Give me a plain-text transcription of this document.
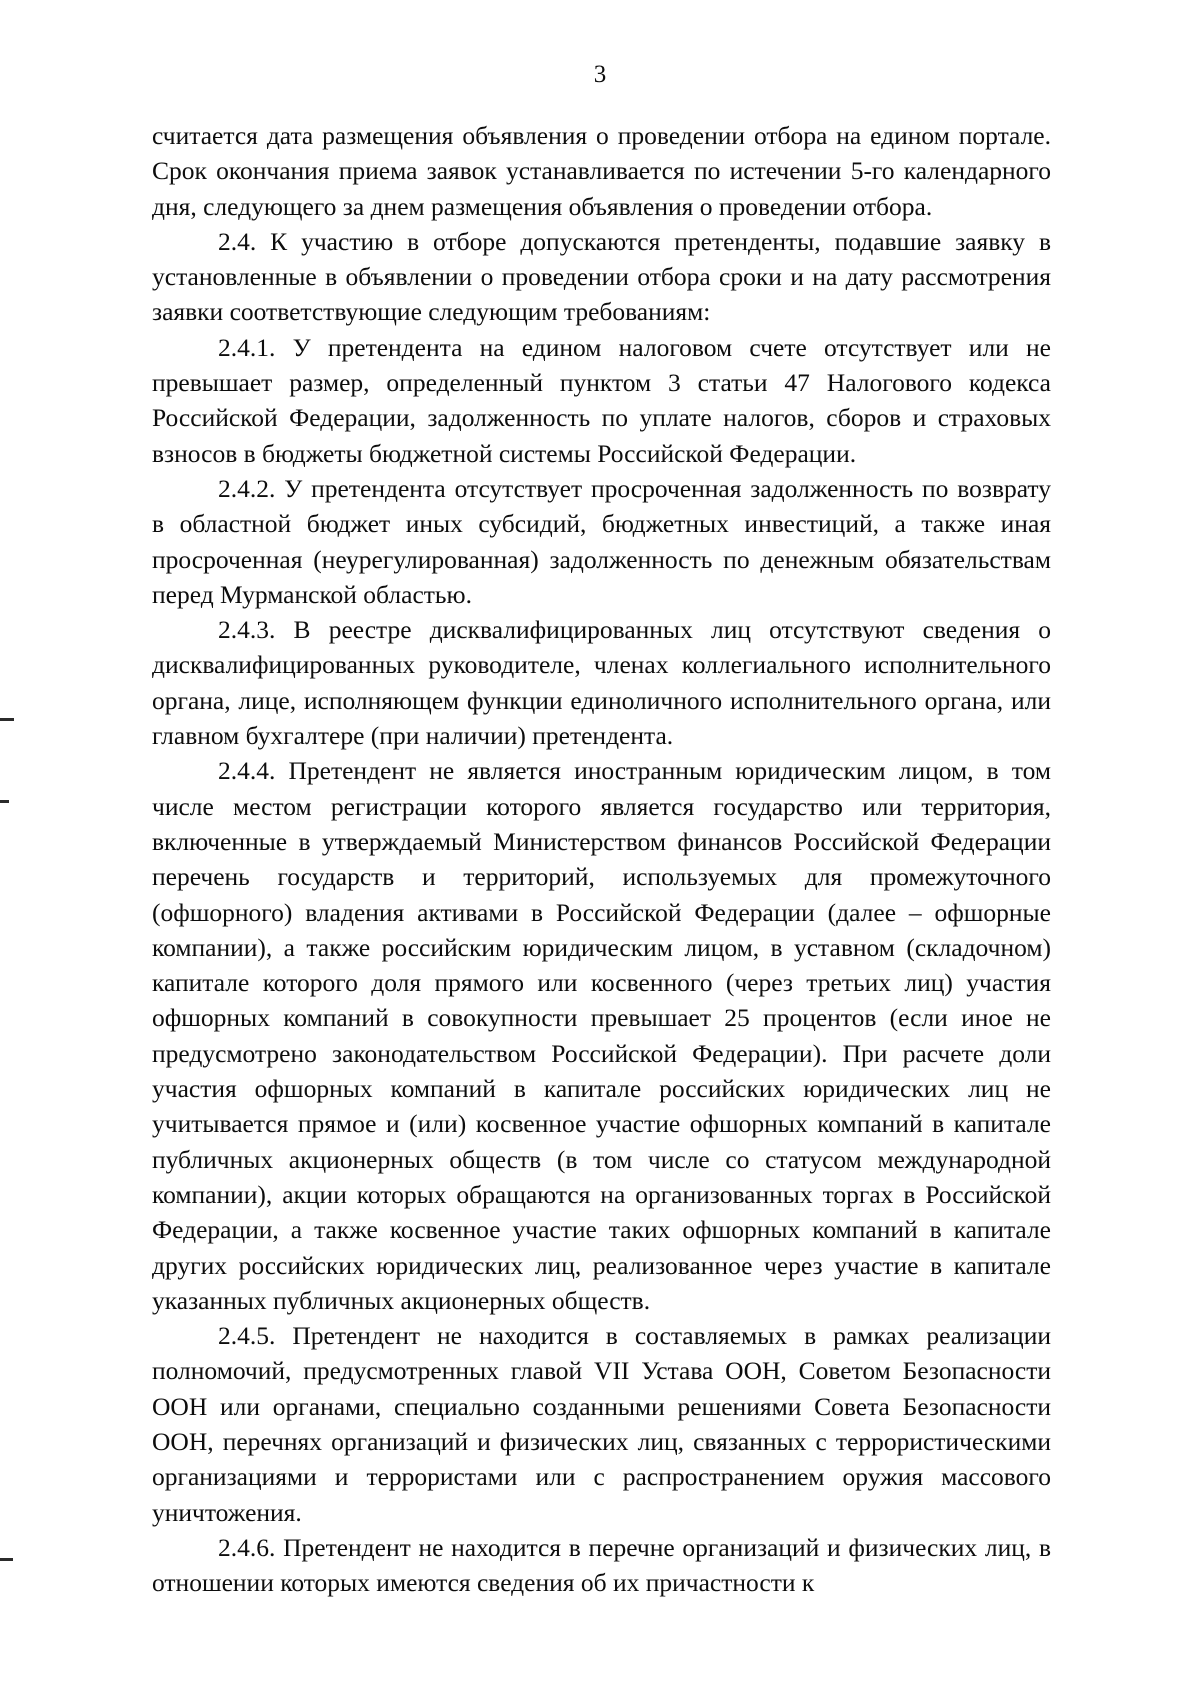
3

считается дата размещения объявления о проведении отбора на едином портале. Срок окончания приема заявок устанавливается по истечении 5-го календарного дня, следующего за днем размещения объявления о проведении отбора.

2.4. К участию в отборе допускаются претенденты, подавшие заявку в установленные в объявлении о проведении отбора сроки и на дату рассмотрения заявки соответствующие следующим требованиям:

2.4.1. У претендента на едином налоговом счете отсутствует или не превышает размер, определенный пунктом 3 статьи 47 Налогового кодекса Российской Федерации, задолженность по уплате налогов, сборов и страховых взносов в бюджеты бюджетной системы Российской Федерации.

2.4.2. У претендента отсутствует просроченная задолженность по возврату в областной бюджет иных субсидий, бюджетных инвестиций, а также иная просроченная (неурегулированная) задолженность по денежным обязательствам перед Мурманской областью.

2.4.3. В реестре дисквалифицированных лиц отсутствуют сведения о дисквалифицированных руководителе, членах коллегиального исполнительного органа, лице, исполняющем функции единоличного исполнительного органа, или главном бухгалтере (при наличии) претендента.

2.4.4. Претендент не является иностранным юридическим лицом, в том числе местом регистрации которого является государство или территория, включенные в утверждаемый Министерством финансов Российской Федерации перечень государств и территорий, используемых для промежуточного (офшорного) владения активами в Российской Федерации (далее – офшорные компании), а также российским юридическим лицом, в уставном (складочном) капитале которого доля прямого или косвенного (через третьих лиц) участия офшорных компаний в совокупности превышает 25 процентов (если иное не предусмотрено законодательством Российской Федерации). При расчете доли участия офшорных компаний в капитале российских юридических лиц не учитывается прямое и (или) косвенное участие офшорных компаний в капитале публичных акционерных обществ (в том числе со статусом международной компании), акции которых обращаются на организованных торгах в Российской Федерации, а также косвенное участие таких офшорных компаний в капитале других российских юридических лиц, реализованное через участие в капитале указанных публичных акционерных обществ.

2.4.5. Претендент не находится в составляемых в рамках реализации полномочий, предусмотренных главой VII Устава ООН, Советом Безопасности ООН или органами, специально созданными решениями Совета Безопасности ООН, перечнях организаций и физических лиц, связанных с террористическими организациями и террористами или с распространением оружия массового уничтожения.

2.4.6. Претендент не находится в перечне организаций и физических лиц, в отношении которых имеются сведения об их причастности к
